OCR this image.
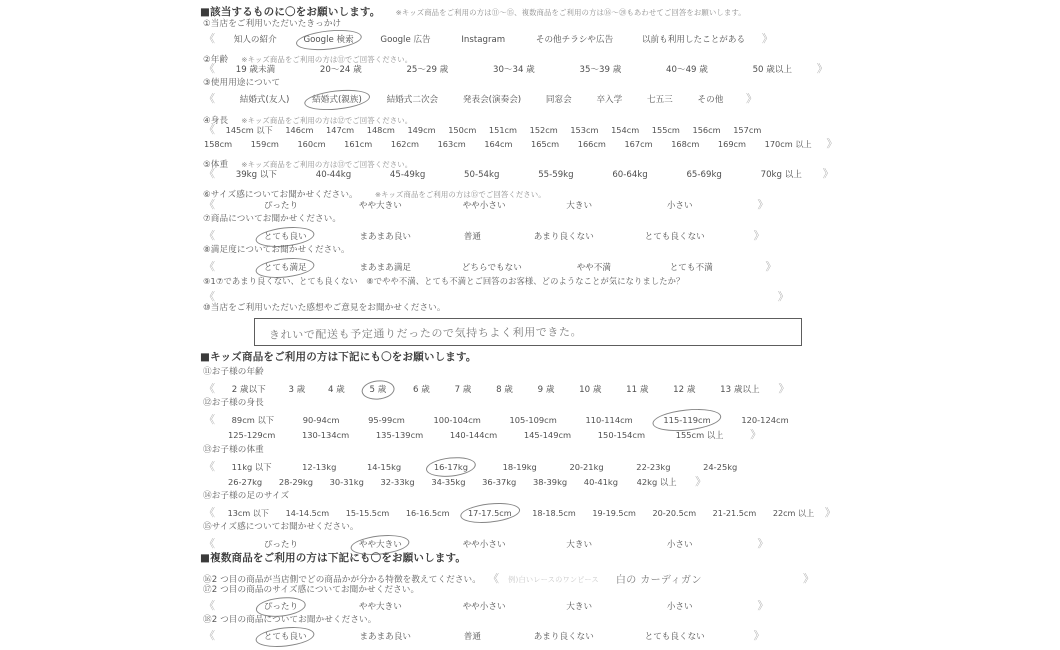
■該当するものに〇をお願いします。 ※キッズ商品をご利用の方は⑪〜⑮、複数商品をご利用の方は⑯〜⑳もあわせてご回答をお願いします。
①当店をご利用いただいたきっかけ
《 知人の紹介	Google 検索	Google 広告	Instagram	その他チラシや広告	以前も利用したことがある 》
②年齢 ※キッズ商品をご利用の方は⑪でご回答ください。
《 19 歳未満	20〜24 歳	25〜29 歳	30〜34 歳	35〜39 歳	40〜49 歳	50 歳以上 》
③使用用途について
《	結婚式(友人)	結婚式(親族)	結婚式二次会	発表会(演奏会)	同窓会	卒入学	七五三	その他 》
④身長 ※キッズ商品をご利用の方は⑫でご回答ください。
《 145cm 以下 146cm 147cm 148cm 149cm 150cm 151cm 152cm 153cm 154cm 155cm 156cm 157cm
158cm 159cm 160cm 161cm 162cm 163cm 164cm 165cm 166cm 167cm 168cm 169cm 170cm 以上 》
⑤体重 ※キッズ商品をご利用の方は⑬でご回答ください。
《 39kg 以下	40-44kg	45-49kg	50-54kg	55-59kg	60-64kg	65-69kg	70kg 以上 》
⑥サイズ感についてお聞かせください。 ※キッズ商品をご利用の方は⑮でご回答ください。
《	ぴったり	やや大きい	やや小さい	大きい	小さい	》
⑦商品についてお聞かせください。
《	とても良い	まあまあ良い	普通	あまり良くない	とても良くない	》
⑧満足度についてお聞かせください。
《	とても満足	まあまあ満足	どちらでもない	やや不満	とても不満	》
⑨1⑦であまり良くない、とても良くない　⑧でやや不満、とても不満とご回答のお客様、どのようなことが気になりましたか？
《	》
⑩当店をご利用いただいた感想やご意見をお聞かせください。
きれいで配送も予定通りだったので気持ちよく利用できた。
■キッズ商品をご利用の方は下記にも〇をお願いします。
⑪お子様の年齢
《 2 歳以下	3 歳	4 歳	5 歳	6 歳	7 歳	8 歳	9 歳	10 歳	11 歳	12 歳	13 歳以上 》
⑫お子様の身長
《 89cm 以下	90-94cm	95-99cm	100-104cm	105-109cm	110-114cm	115-119cm	120-124cm
125-129cm	130-134cm	135-139cm	140-144cm	145-149cm	150-154cm	155cm 以上 》
⑬お子様の体重
《 11kg 以下	12-13kg	14-15kg	16-17kg	18-19kg	20-21kg	22-23kg	24-25kg
26-27kg 28-29kg 30-31kg 32-33kg 34-35kg 36-37kg 38-39kg 40-41kg 42kg 以上 》
⑭お子様の足のサイズ
《 13cm 以下 14-14.5cm 15-15.5cm 16-16.5cm 17-17.5cm	18-18.5cm 19-19.5cm 20-20.5cm 21-21.5cm 22cm 以上 》
⑮サイズ感についてお聞かせください。
《	ぴったり	やや大きい	やや小さい	大きい	小さい	》
■複数商品をご利用の方は下記にも〇をお願いします。
⑯2 つ目の商品が当店側でどの商品かが分かる特徴を教えてください。 《 例)白いレースのワンピース 白の カーディガン	》
⑰2 つ目の商品のサイズ感についてお聞かせください。
《	ぴったり	やや大きい	やや小さい	大きい	小さい	》
⑱2 つ目の商品についてお聞かせください。
《	とても良い	まあまあ良い	普通	あまり良くない	とても良くない	》
